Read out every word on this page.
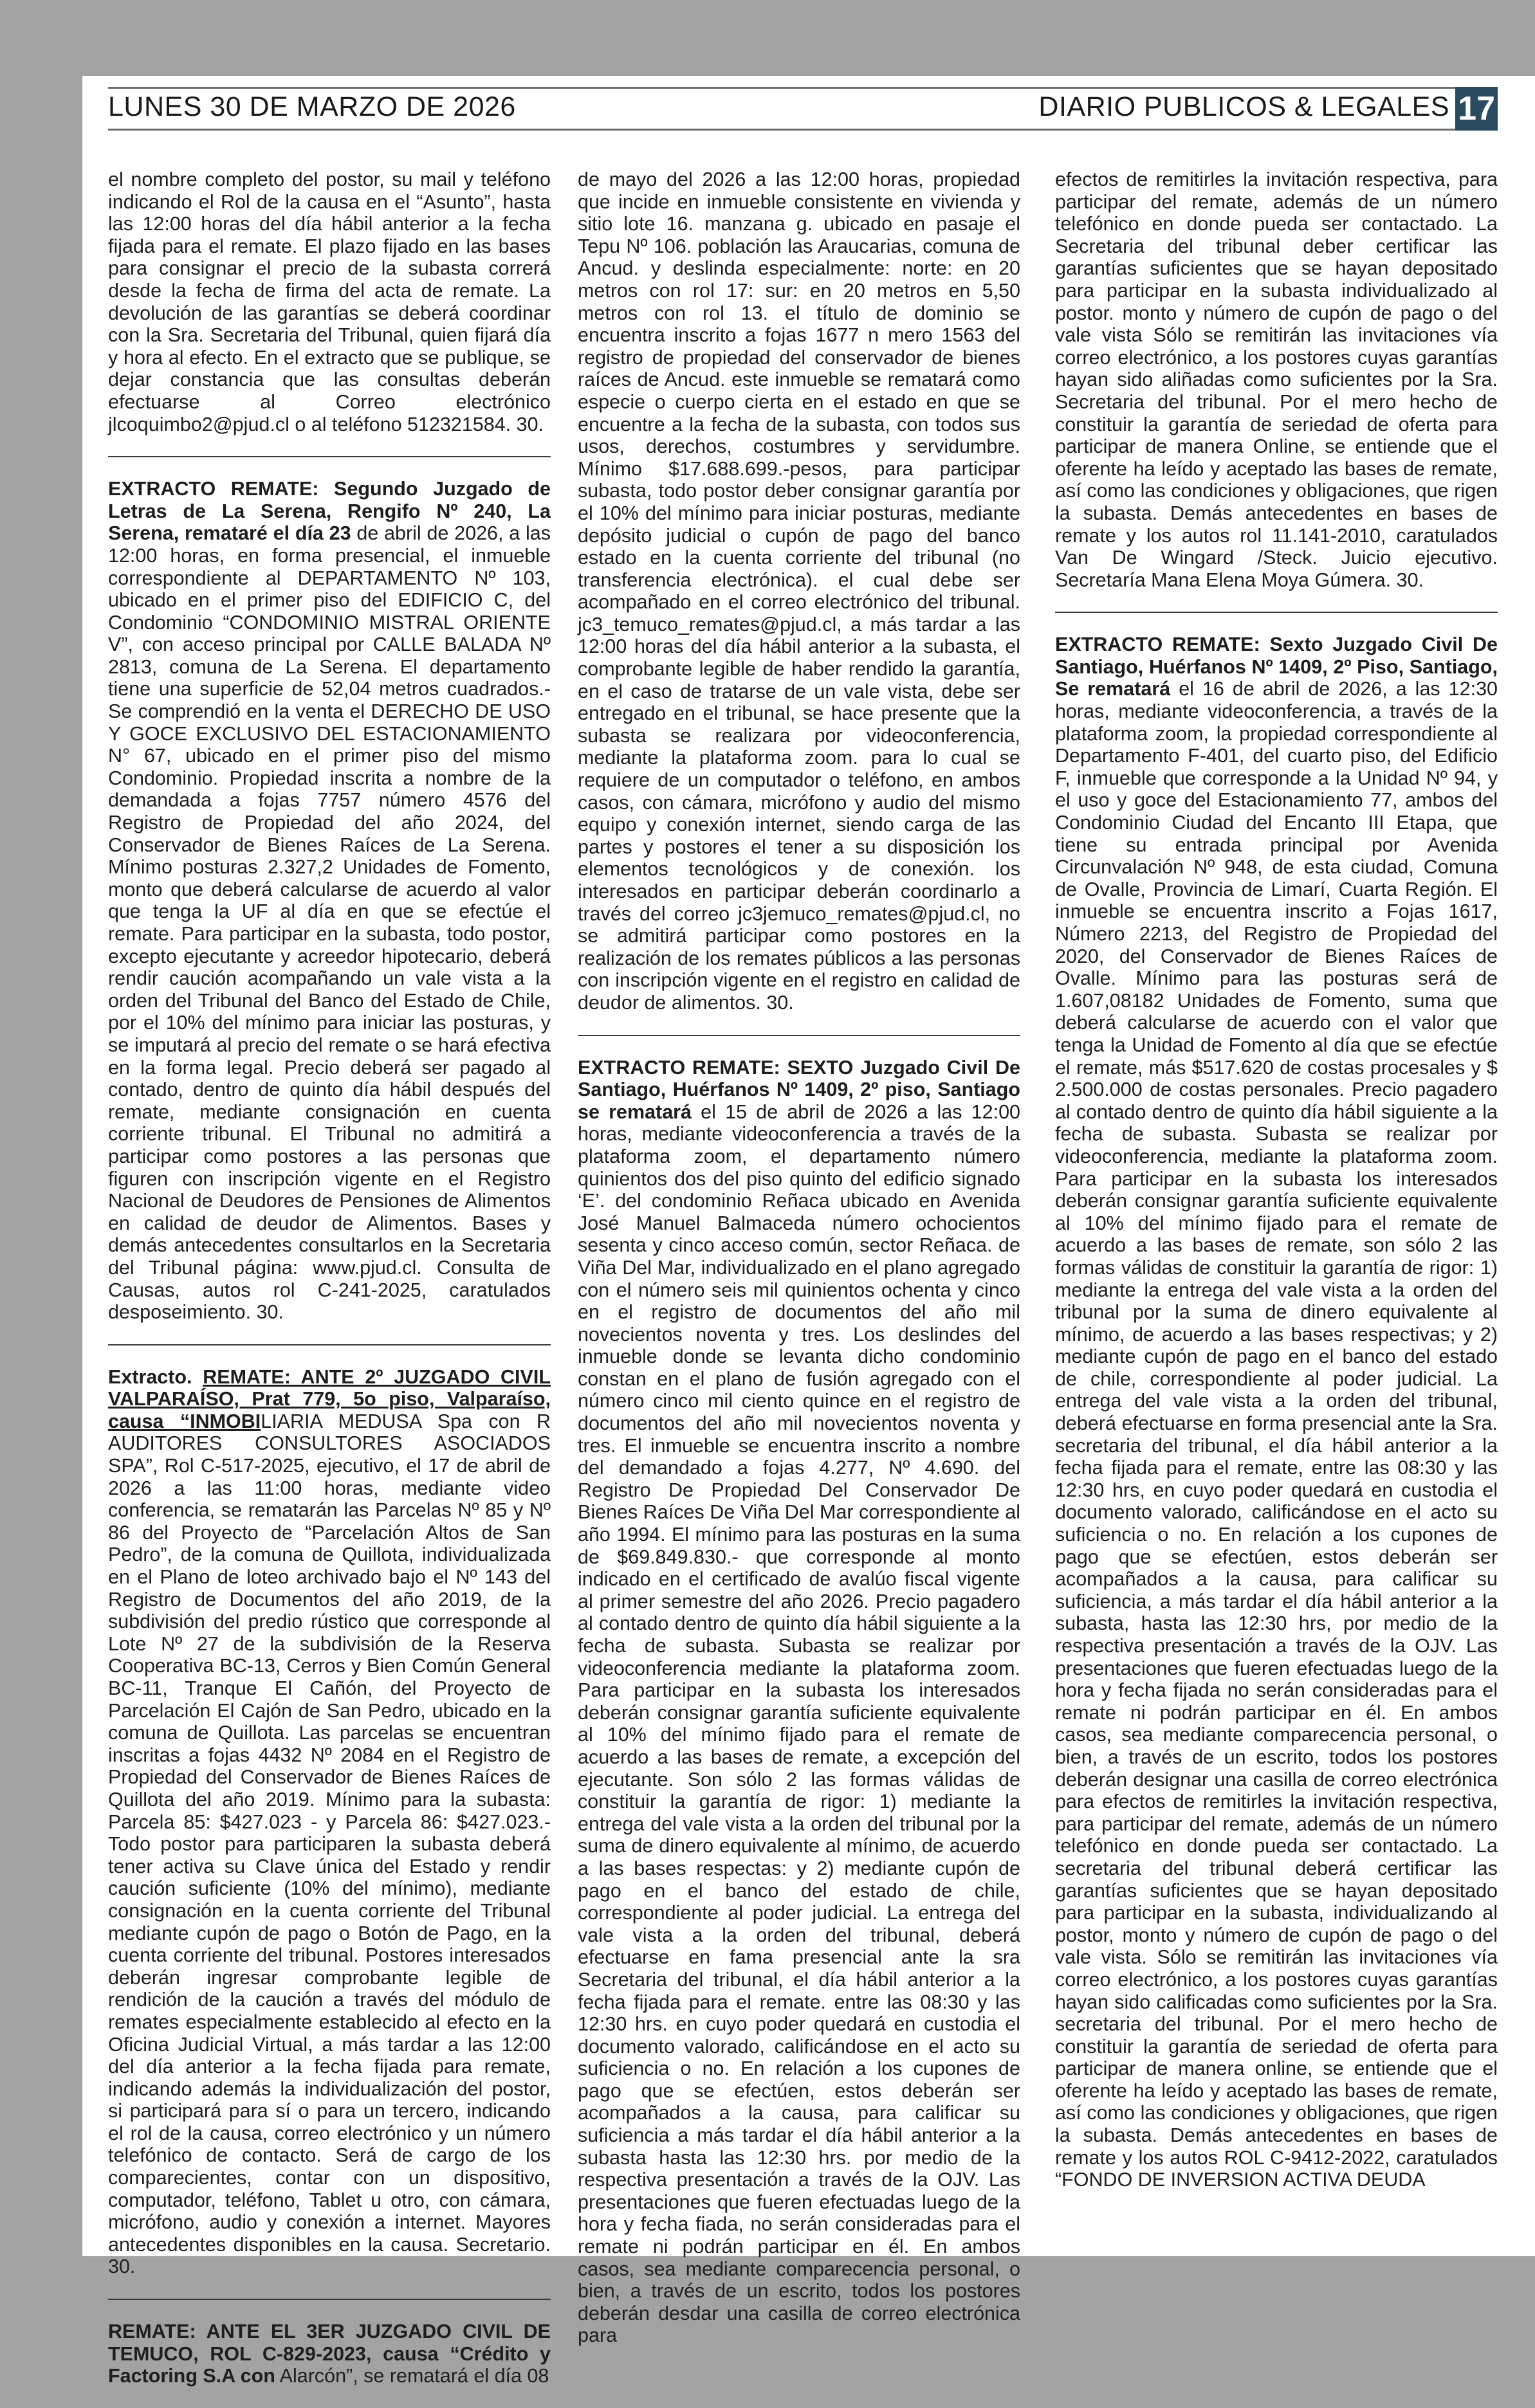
LUNES 30 DE MARZO DE 2026	DIARIO PUBLICOS & LEGALES 17

el nombre completo del postor, su mail y teléfono indicando el Rol de la causa en el “Asunto”, hasta las 12:00 horas del día hábil anterior a la fecha fijada para el remate. El plazo fijado en las bases para consignar el precio de la subasta correrá desde la fecha de firma del acta de remate. La devolución de las garantías se deberá coordinar con la Sra. Secretaria del Tribunal, quien fijará día y hora al efecto. En el extracto que se publique, se dejar constancia que las consultas deberán efectuarse al Correo electrónico jlcoquimbo2@pjud.cl o al teléfono 512321584. 30.

EXTRACTO REMATE: Segundo Juzgado de Letras de La Serena, Rengifo Nº 240, La Serena, remataré el día 23 de abril de 2026, a las 12:00 horas, en forma presencial, el inmueble correspondiente al DEPARTAMENTO Nº 103, ubicado en el primer piso del EDIFICIO C, del Condominio “CONDOMINIO MISTRAL ORIENTE V”, con acceso principal por CALLE BALADA Nº 2813, comuna de La Serena. El departamento tiene una superficie de 52,04 metros cuadrados.- Se comprendió en la venta el DERECHO DE USO Y GOCE EXCLUSIVO DEL ESTACIONAMIENTO N° 67, ubicado en el primer piso del mismo Condominio. Propiedad inscrita a nombre de la demandada a fojas 7757 número 4576 del Registro de Propiedad del año 2024, del Conservador de Bienes Raíces de La Serena. Mínimo posturas 2.327,2 Unidades de Fomento, monto que deberá calcularse de acuerdo al valor que tenga la UF al día en que se efectúe el remate. Para participar en la subasta, todo postor, excepto ejecutante y acreedor hipotecario, deberá rendir caución acompañando un vale vista a la orden del Tribunal del Banco del Estado de Chile, por el 10% del mínimo para iniciar las posturas, y se imputará al precio del remate o se hará efectiva en la forma legal. Precio deberá ser pagado al contado, dentro de quinto día hábil después del remate, mediante consignación en cuenta corriente tribunal. El Tribunal no admitirá a participar como postores a las personas que figuren con inscripción vigente en el Registro Nacional de Deudores de Pensiones de Alimentos en calidad de deudor de Alimentos. Bases y demás antecedentes consultarlos en la Secretaria del Tribunal página: www.pjud.cl. Consulta de Causas, autos rol C-241-2025, caratulados desposeimiento. 30.

Extracto. REMATE: ANTE 2º JUZGADO CIVIL VALPARAÍSO, Prat 779, 5o piso, Valparaíso, causa “INMOBILIARIA MEDUSA Spa con R AUDITORES CONSULTORES ASOCIADOS SPA”, Rol C-517-2025, ejecutivo, el 17 de abril de 2026 a las 11:00 horas, mediante video conferencia, se rematarán las Parcelas Nº 85 y Nº 86 del Proyecto de “Parcelación Altos de San Pedro”, de la comuna de Quillota, individualizada en el Plano de loteo archivado bajo el Nº 143 del Registro de Documentos del año 2019, de la subdivisión del predio rústico que corresponde al Lote Nº 27 de la subdivisión de la Reserva Cooperativa BC-13, Cerros y Bien Común General BC-11, Tranque El Cañón, del Proyecto de Parcelación El Cajón de San Pedro, ubicado en la comuna de Quillota. Las parcelas se encuentran inscritas a fojas 4432 Nº 2084 en el Registro de Propiedad del Conservador de Bienes Raíces de Quillota del año 2019. Mínimo para la subasta: Parcela 85: $427.023 - y Parcela 86: $427.023.-Todo postor para participaren la subasta deberá tener activa su Clave única del Estado y rendir caución suficiente (10% del mínimo), mediante consignación en la cuenta corriente del Tribunal mediante cupón de pago o Botón de Pago, en la cuenta corriente del tribunal. Postores interesados deberán ingresar comprobante legible de rendición de la caución a través del módulo de remates especialmente establecido al efecto en la Oficina Judicial Virtual, a más tardar a las 12:00 del día anterior a la fecha fijada para remate, indicando además la individualización del postor, si participará para sí o para un tercero, indicando el rol de la causa, correo electrónico y un número telefónico de contacto. Será de cargo de los comparecientes, contar con un dispositivo, computador, teléfono, Tablet u otro, con cámara, micrófono, audio y conexión a internet. Mayores antecedentes disponibles en la causa. Secretario. 30.

REMATE: ANTE EL 3ER JUZGADO CIVIL DE TEMUCO, ROL C-829-2023, causa “Crédito y Factoring S.A con Alarcón”, se rematará el día 08

de mayo del 2026 a las 12:00 horas, propiedad que incide en inmueble consistente en vivienda y sitio lote 16. manzana g. ubicado en pasaje el Tepu Nº 106. población las Araucarias, comuna de Ancud. y deslinda especialmente: norte: en 20 metros con rol 17: sur: en 20 metros en 5,50 metros con rol 13. el título de dominio se encuentra inscrito a fojas 1677 n mero 1563 del registro de propiedad del conservador de bienes raíces de Ancud. este inmueble se rematará como especie o cuerpo cierta en el estado en que se encuentre a la fecha de la subasta, con todos sus usos, derechos, costumbres y servidumbre. Mínimo $17.688.699.-pesos, para participar subasta, todo postor deber consignar garantía por el 10% del mínimo para iniciar posturas, mediante depósito judicial o cupón de pago del banco estado en la cuenta corriente del tribunal (no transferencia electrónica). el cual debe ser acompañado en el correo electrónico del tribunal. jc3_temuco_remates@pjud.cl, a más tardar a las 12:00 horas del día hábil anterior a la subasta, el comprobante legible de haber rendido la garantía, en el caso de tratarse de un vale vista, debe ser entregado en el tribunal, se hace presente que la subasta se realizara por videoconferencia, mediante la plataforma zoom. para lo cual se requiere de un computador o teléfono, en ambos casos, con cámara, micrófono y audio del mismo equipo y conexión internet, siendo carga de las partes y postores el tener a su disposición los elementos tecnológicos y de conexión. los interesados en participar deberán coordinarlo a través del correo jc3jemuco_remates@pjud.cl, no se admitirá participar como postores en la realización de los remates públicos a las personas con inscripción vigente en el registro en calidad de deudor de alimentos. 30.

EXTRACTO REMATE: SEXTO Juzgado Civil De Santiago, Huérfanos Nº 1409, 2º piso, Santiago se rematará el 15 de abril de 2026 a las 12:00 horas, mediante videoconferencia a través de la plataforma zoom, el departamento número quinientos dos del piso quinto del edificio signado ‘E’. del condominio Reñaca ubicado en Avenida José Manuel Balmaceda número ochocientos sesenta y cinco acceso común, sector Reñaca. de Viña Del Mar, individualizado en el plano agregado con el número seis mil quinientos ochenta y cinco en el registro de documentos del año mil novecientos noventa y tres. Los deslindes del inmueble donde se levanta dicho condominio constan en el plano de fusión agregado con el número cinco mil ciento quince en el registro de documentos del año mil novecientos noventa y tres. El inmueble se encuentra inscrito a nombre del demandado a fojas 4.277, Nº 4.690. del Registro De Propiedad Del Conservador De Bienes Raíces De Viña Del Mar correspondiente al año 1994. El mínimo para las posturas en la suma de $69.849.830.- que corresponde al monto indicado en el certificado de avalúo fiscal vigente al primer semestre del año 2026. Precio pagadero al contado dentro de quinto día hábil siguiente a la fecha de subasta. Subasta se realizar por videoconferencia mediante la plataforma zoom. Para participar en la subasta los interesados deberán consignar garantía suficiente equivalente al 10% del mínimo fijado para el remate de acuerdo a las bases de remate, a excepción del ejecutante. Son sólo 2 las formas válidas de constituir la garantía de rigor: 1) mediante la entrega del vale vista a la orden del tribunal por la suma de dinero equivalente al mínimo, de acuerdo a las bases respectas: y 2) mediante cupón de pago en el banco del estado de chile, correspondiente al poder judicial. La entrega del vale vista a la orden del tribunal, deberá efectuarse en fama presencial ante la sra Secretaria del tribunal, el día hábil anterior a la fecha fijada para el remate. entre las 08:30 y las 12:30 hrs. en cuyo poder quedará en custodia el documento valorado, calificándose en el acto su suficiencia o no. En relación a los cupones de pago que se efectúen, estos deberán ser acompañados a la causa, para calificar su suficiencia a más tardar el día hábil anterior a la subasta hasta las 12:30 hrs. por medio de la respectiva presentación a través de la OJV. Las presentaciones que fueren efectuadas luego de la hora y fecha fiada, no serán consideradas para el remate ni podrán participar en él. En ambos casos, sea mediante comparecencia personal, o bien, a través de un escrito, todos los postores deberán desdar una casilla de correo electrónica para

efectos de remitirles la invitación respectiva, para participar del remate, además de un número telefónico en donde pueda ser contactado. La Secretaria del tribunal deber certificar las garantías suficientes que se hayan depositado para participar en la subasta individualizado al postor. monto y número de cupón de pago o del vale vista Sólo se remitirán las invitaciones vía correo electrónico, a los postores cuyas garantías hayan sido aliñadas como suficientes por la Sra. Secretaria del tribunal. Por el mero hecho de constituir la garantía de seriedad de oferta para participar de manera Online, se entiende que el oferente ha leído y aceptado las bases de remate, así como las condiciones y obligaciones, que rigen la subasta. Demás antecedentes en bases de remate y los autos rol 11.141-2010, caratulados Van De Wingard /Steck. Juicio ejecutivo. Secretaría Mana Elena Moya Gúmera. 30.

EXTRACTO REMATE: Sexto Juzgado Civil De Santiago, Huérfanos Nº 1409, 2º Piso, Santiago, Se rematará el 16 de abril de 2026, a las 12:30 horas, mediante videoconferencia, a través de la plataforma zoom, la propiedad correspondiente al Departamento F-401, del cuarto piso, del Edificio F, inmueble que corresponde a la Unidad Nº 94, y el uso y goce del Estacionamiento 77, ambos del Condominio Ciudad del Encanto III Etapa, que tiene su entrada principal por Avenida Circunvalación Nº 948, de esta ciudad, Comuna de Ovalle, Provincia de Limarí, Cuarta Región. El inmueble se encuentra inscrito a Fojas 1617, Número 2213, del Registro de Propiedad del 2020, del Conservador de Bienes Raíces de Ovalle. Mínimo para las posturas será de 1.607,08182 Unidades de Fomento, suma que deberá calcularse de acuerdo con el valor que tenga la Unidad de Fomento al día que se efectúe el remate, más $517.620 de costas procesales y $ 2.500.000 de costas personales. Precio pagadero al contado dentro de quinto día hábil siguiente a la fecha de subasta. Subasta se realizar por videoconferencia, mediante la plataforma zoom. Para participar en la subasta los interesados deberán consignar garantía suficiente equivalente al 10% del mínimo fijado para el remate de acuerdo a las bases de remate, son sólo 2 las formas válidas de constituir la garantía de rigor: 1) mediante la entrega del vale vista a la orden del tribunal por la suma de dinero equivalente al mínimo, de acuerdo a las bases respectivas; y 2) mediante cupón de pago en el banco del estado de chile, correspondiente al poder judicial. La entrega del vale vista a la orden del tribunal, deberá efectuarse en forma presencial ante la Sra. secretaria del tribunal, el día hábil anterior a la fecha fijada para el remate, entre las 08:30 y las 12:30 hrs, en cuyo poder quedará en custodia el documento valorado, calificándose en el acto su suficiencia o no. En relación a los cupones de pago que se efectúen, estos deberán ser acompañados a la causa, para calificar su suficiencia, a más tardar el día hábil anterior a la subasta, hasta las 12:30 hrs, por medio de la respectiva presentación a través de la OJV. Las presentaciones que fueren efectuadas luego de la hora y fecha fijada no serán consideradas para el remate ni podrán participar en él. En ambos casos, sea mediante comparecencia personal, o bien, a través de un escrito, todos los postores deberán designar una casilla de correo electrónica para efectos de remitirles la invitación respectiva, para participar del remate, además de un número telefónico en donde pueda ser contactado. La secretaria del tribunal deberá certificar las garantías suficientes que se hayan depositado para participar en la subasta, individualizando al postor, monto y número de cupón de pago o del vale vista. Sólo se remitirán las invitaciones vía correo electrónico, a los postores cuyas garantías hayan sido calificadas como suficientes por la Sra. secretaria del tribunal. Por el mero hecho de constituir la garantía de seriedad de oferta para participar de manera online, se entiende que el oferente ha leído y aceptado las bases de remate, así como las condiciones y obligaciones, que rigen la subasta. Demás antecedentes en bases de remate y los autos ROL C-9412-2022, caratulados “FONDO DE INVERSION ACTIVA DEUDA
